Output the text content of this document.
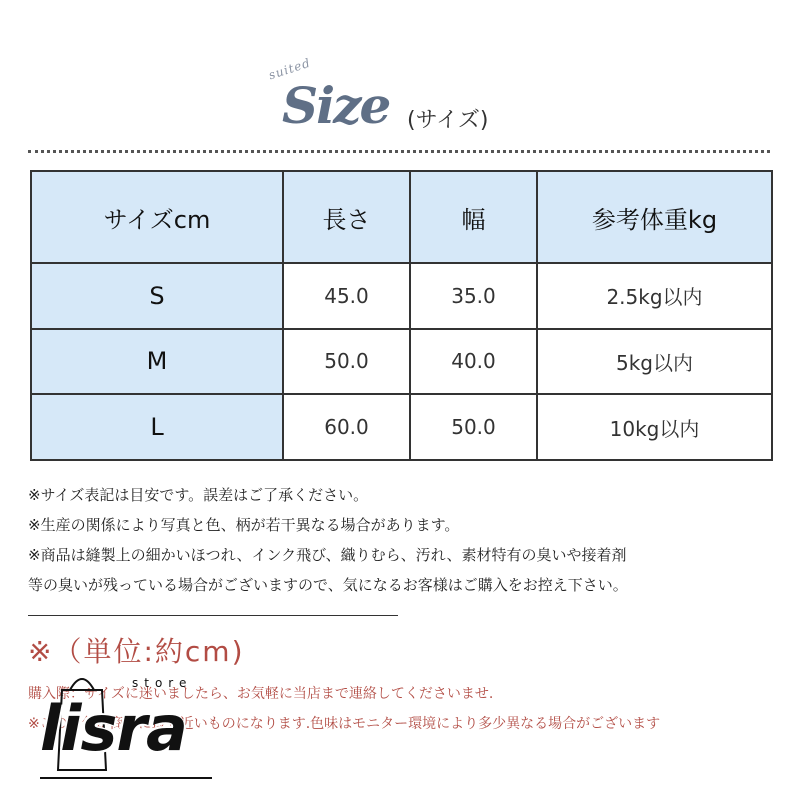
suited
Size (サイズ)
サイズcm	長さ	幅	参考体重kg
S	45.0	35.0	2.5kg以内
M	50.0	40.0	5kg以内
L	60.0	50.0	10kg以内
※サイズ表記は目安です。誤差はご了承ください。
※生産の関係により写真と色、柄が若干異なる場合があります。
※商品は縫製上の細かいほつれ、インク飛び、織りむら、汚れ、素材特有の臭いや接着剤
等の臭いが残っている場合がございますので、気になるお客様はご購入をお控え下さい。
※（単位:約cm)
購入際：サイズに迷いましたら、お気軽に当店まで連絡してくださいませ.
※このの色が商品に最も近いものになります.色味はモニター環境により多少異なる場合がございます
store
lisra
